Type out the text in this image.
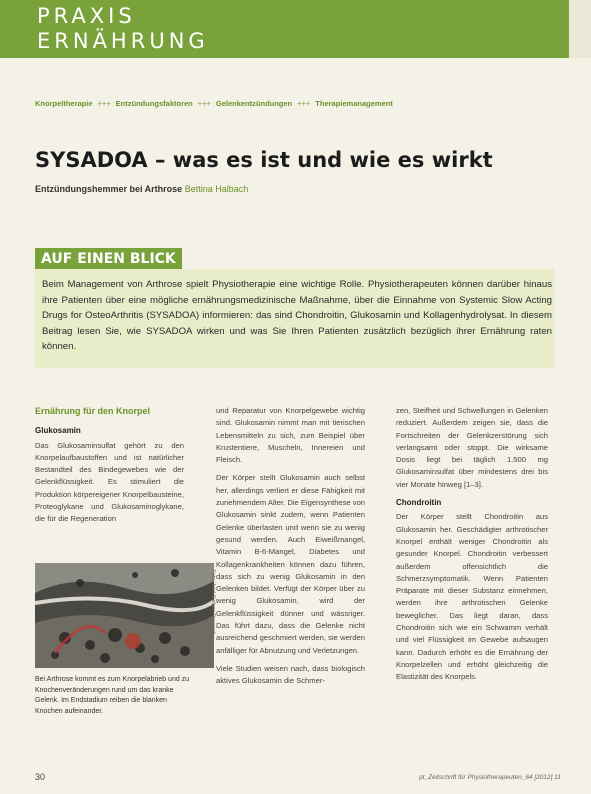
PRAXIS
ERNÄHRUNG
Knorpeltherapie +++ Entzündungsfaktoren +++ Gelenkentzündungen +++ Therapiemanagement
SYSADOA – was es ist und wie es wirkt
Entzündungshemmer bei Arthrose Bettina Halbach
AUF EINEN BLICK

Beim Management von Arthrose spielt Physiotherapie eine wichtige Rolle. Physiotherapeuten können darüber hinaus ihre Patienten über eine mögliche ernährungsmedizinische Maßnahme, über die Einnahme von Systemic Slow Acting Drugs for OsteoArthritis (SYSADOA) informieren: das sind Chondroitin, Glukosamin und Kollagenhydrolysat. In diesem Beitrag lesen Sie, wie SYSADOA wirken und was Sie Ihren Patienten zusätzlich bezüglich ihrer Ernährung raten können.

Ernährung für den Knorpel

Glukosamin

Das Glukosaminsulfat gehört zu den Knorpelaufbaustoffen und ist natürlicher Bestandteil des Bindegewebes wie der Gelenkflüssigkeit. Es stimuliert die Produktion körpereigener Knorpelbausteine, Proteoglykane und Glukosaminoglykane, die für die Regeneration

Foto: Joint Surface Research

Bei Arthrose kommt es zum Knorpelabrieb und zu Knochenveränderungen rund um das kranke Gelenk. Im Endstadium reiben die blanken Knochen aufeinander.

und Reparatur von Knorpelgewebe wichtig sind. Glukosamin nimmt man mit tierischen Lebensmitteln zu sich, zum Beispiel über Krustentiere, Muscheln, Innereien und Fleisch.

Der Körper stellt Glukosamin auch selbst her, allerdings verliert er diese Fähigkeit mit zunehmendem Alter. Die Eigensynthese von Glukosamin sinkt zudem, wenn Patienten Gelenke überlasten und wenn sie zu wenig gesund werden. Auch Eiweißmangel, Vitamin B-6-Mangel, Diabetes und Kollagenkrankheiten können dazu führen, dass sich zu wenig Glukosamin in den Gelenken bildet. Verfügt der Körper über zu wenig Glukosamin, wird der Gelenkflüssigkeit dünner und wässriger. Das führt dazu, dass die Gelenke nicht ausreichend geschmiert werden, sie werden anfälliger für Abnutzung und Verletzungen.

Viele Studien weisen nach, dass biologisch aktives Glukosamin die Schmer-

zen, Steifheit und Schwellungen in Gelenken reduziert. Außerdem zeigen sie, dass die Fortschreiten der Gelenkzerstörung sich verlangsamt oder stoppt. Die wirksame Dosis liegt bei täglich 1.500 mg Glukosaminsulfat über mindestens drei bis vier Monate hinweg [1–3].

Chondroitin

Der Körper stellt Chondroitin aus Glukosamin her. Geschädigter arthrotischer Knorpel enthält weniger Chondroitin als gesunder Knorpel. Chondroitin verbessert außerdem offensichtlich die Schmerzsymptomatik. Wenn Patienten Präparate mit dieser Substanz einnehmen, werden ihre arthrotischen Gelenke beweglicher. Das liegt daran, dass Chondroitin sich wie ein Schwamm verhält und viel Flüssigkeit im Gewebe aufsaugen kann. Dadurch erhöht es die Ernährung der Knorpelzellen und erhöht gleichzeitig die Elastizität des Knorpels.

30	pt_Zeitschrift für Physiotherapeuten_64 [2012] 11
